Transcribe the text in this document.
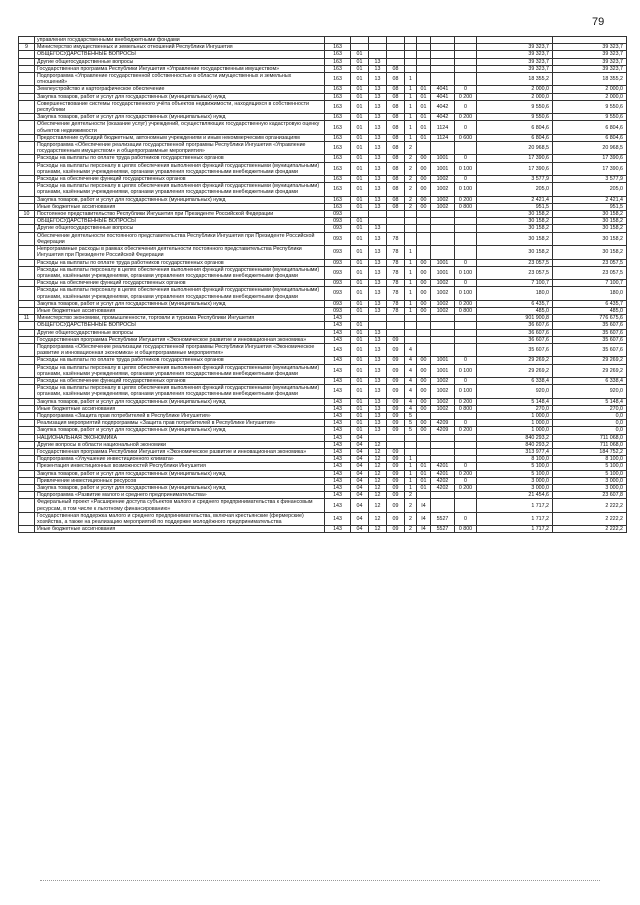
79
	управления государственными внебюджетными фондами										
9	Министерство имущественных и земельных отношений Республики Ингушетия	163								39 323,7	39 323,7
	ОБЩЕГОСУДАРСТВЕННЫЕ ВОПРОСЫ	163	01							39 323,7	39 323,7
	Другие общегосударственные вопросы	163	01	13						39 323,7	39 323,7
	Государственная программа Республики Ингушетия «Управление государственным имуществом»	163	01	13	08					39 323,7	39 323,7
	Подпрограмма «Управление государственной собственностью в области имущественных и земельных отношений»	163	01	13	08	1				18 355,2	18 355,2
	Землеустройство и картографическое обеспечение	163	01	13	08	1	01	4041	0	2 000,0	2 000,0
	Закупка товаров, работ и услуг для государственных (муниципальных) нужд	163	01	13	08	1	01	4041	0 200	2 000,0	2 000,0
	Совершенствование системы государственного учёта объектов недвижимости, находящихся в собственности республики	163	01	13	08	1	01	4042	0	9 550,6	9 550,6
	Закупка товаров, работ и услуг для государственных (муниципальных) нужд	163	01	13	08	1	01	4042	0 200	9 550,6	9 550,6
	Обеспечение деятельности (оказание услуг) учреждений, осуществляющих государственную кадастровую оценку объектов недвижимости	163	01	13	08	1	01	1124	0	6 804,6	6 804,6
	Предоставление субсидий бюджетным, автономным учреждениям и иным некоммерческим организациям	163	01	13	08	1	01	1124	0 600	6 804,6	6 804,6
	Подпрограмма «Обеспечение реализации государственной программы Республики Ингушетия «Управление государственным имуществом» и общепрограммные мероприятия»	163	01	13	08	2				20 968,5	20 968,5
	Расходы на выплаты по оплате труда работников государственных органов	163	01	13	08	2	00	1001	0	17 390,6	17 390,6
	Расходы на выплаты персоналу в целях обеспечения выполнения функций государственными (муниципальными) органами, казёнными учреждениями, органами управления государственными внебюджетными фондами	163	01	13	08	2	00	1001	0 100	17 390,6	17 390,6
	Расходы на обеспечение функций государственных органов	163	01	13	08	2	00	1002	0	3 577,9	3 577,9
	Расходы на выплаты персоналу в целях обеспечения выполнения функций государственными (муниципальными) органами, казёнными учреждениями, органами управления государственными внебюджетными фондами	163	01	13	08	2	00	1002	0 100	205,0	205,0
	Закупка товаров, работ и услуг для государственных (муниципальных) нужд	163	01	13	08	2	00	1002	0 200	2 421,4	2 421,4
	Иные бюджетные ассигнования	163	01	13	08	2	00	1002	0 800	951,5	951,5
10	Постоянное представительство Республики Ингушетия при Президенте Российской Федерации	093								30 158,2	30 158,2
	ОБЩЕГОСУДАРСТВЕННЫЕ ВОПРОСЫ	093	01							30 158,2	30 158,2
	Другие общегосударственные вопросы	093	01	13						30 158,2	30 158,2
	Обеспечение деятельности постоянного представительства Республики Ингушетия при Президенте Российской Федерации	093	01	13	78					30 158,2	30 158,2
	Непрограммные расходы в рамках обеспечения деятельности постоянного представительства Республики Ингушетия при Президенте Российской Федерации	093	01	13	78	1				30 158,2	30 158,2
	Расходы на выплаты по оплате труда работников государственных органов	093	01	13	78	1	00	1001	0	23 057,5	23 057,5
	Расходы на выплаты персоналу в целях обеспечения выполнения функций государственными (муниципальными) органами, казёнными учреждениями, органами управления государственными внебюджетными фондами	093	01	13	78	1	00	1001	0 100	23 057,5	23 057,5
	Расходы на обеспечение функций государственных органов	093	01	13	78	1	00	1002	0	7 100,7	7 100,7
	Расходы на выплаты персоналу в целях обеспечения выполнения функций государственными (муниципальными) органами, казёнными учреждениями, органами управления государственными внебюджетными фондами	093	01	13	78	1	00	1002	0 100	180,0	180,0
	Закупка товаров, работ и услуг для государственных (муниципальных) нужд	093	01	13	78	1	00	1002	0 200	6 435,7	6 435,7
	Иные бюджетные ассигнования	093	01	13	78	1	00	1002	0 800	485,0	485,0
11	Министерство экономики, промышленности, торговли и туризма Республики Ингушетия	143								901 900,8	776 675,6
	ОБЩЕГОСУДАРСТВЕННЫЕ ВОПРОСЫ	143	01							36 607,6	35 607,6
	Другие общегосударственные вопросы	143	01	13						36 607,6	35 607,6
	Государственная программа Республики Ингушетия «Экономическое развитие и инновационная экономика»	143	01	13	09					36 607,6	35 607,6
	Подпрограмма «Обеспечение реализации государственной программы Республики Ингушетия «Экономическое развитие и инновационная экономика» и общепрограммные мероприятия»	143	01	13	09	4				35 607,6	35 607,6
	Расходы на выплаты по оплате труда работников государственных органов	143	01	13	09	4	00	1001	0	29 269,2	29 269,2
	Расходы на выплаты персоналу в целях обеспечения выполнения функций государственными (муниципальными) органами, казёнными учреждениями, органами управления государственными внебюджетными фондами	143	01	13	09	4	00	1001	0 100	29 269,2	29 269,2
	Расходы на обеспечение функций государственных органов	143	01	13	09	4	00	1002	0	6 338,4	6 338,4
	Расходы на выплаты персоналу в целях обеспечения выполнения функций государственными (муниципальными) органами, казёнными учреждениями, органами управления государственными внебюджетными фондами	143	01	13	09	4	00	1002	0 100	920,0	920,0
	Закупка товаров, работ и услуг для государственных (муниципальных) нужд	143	01	13	09	4	00	1002	0 200	5 148,4	5 148,4
	Иные бюджетные ассигнования	143	01	13	09	4	00	1002	0 800	270,0	270,0
	Подпрограмма «Защита прав потребителей в Республике Ингушетия»	143	01	13	09	5				1 000,0	0,0
	Реализация мероприятий подпрограммы «Защита прав потребителей в Республике Ингушетия»	143	01	13	09	5	00	4209	0	1 000,0	0,0
	Закупка товаров, работ и услуг для государственных (муниципальных) нужд	143	01	13	09	5	00	4209	0 200	1 000,0	0,0
	НАЦИОНАЛЬНАЯ ЭКОНОМИКА	143	04							840 293,2	711 068,0
	Другие вопросы в области национальной экономики	143	04	12						840 293,2	711 068,0
	Государственная программа Республики Ингушетия «Экономическое развитие и инновационная экономика»	143	04	12	09					313 977,4	184 752,2
	Подпрограмма «Улучшение инвестиционного климата»	143	04	12	09	1				8 100,0	8 100,0
	Презентация инвестиционных возможностей Республики Ингушетия	143	04	12	09	1	01	4201	0	5 100,0	5 100,0
	Закупка товаров, работ и услуг для государственных (муниципальных) нужд	143	04	12	09	1	01	4201	0 200	5 100,0	5 100,0
	Привлечение инвестиционных ресурсов	143	04	12	09	1	01	4202	0	3 000,0	3 000,0
	Закупка товаров, работ и услуг для государственных (муниципальных) нужд	143	04	12	09	1	01	4202	0 200	3 000,0	3 000,0
	Подпрограмма «Развитие малого и среднего предпринимательства»	143	04	12	09	2				21 454,6	23 607,8
	Федеральный проект «Расширение доступа субъектов малого и среднего предпринимательства к финансовым ресурсам, в том числе к льготному финансированию»	143	04	12	09	2	I4			1 717,2	2 222,2
	Государственная поддержка малого и среднего предпринимательства, включая крестьянские (фермерские) хозяйства, а также на реализацию мероприятий по поддержке молодёжного предпринимательства	143	04	12	09	2	I4	5527	0	1 717,2	2 222,2
	Иные бюджетные ассигнования	143	04	12	09	2	I4	5527	0 800	1 717,2	2 222,2
